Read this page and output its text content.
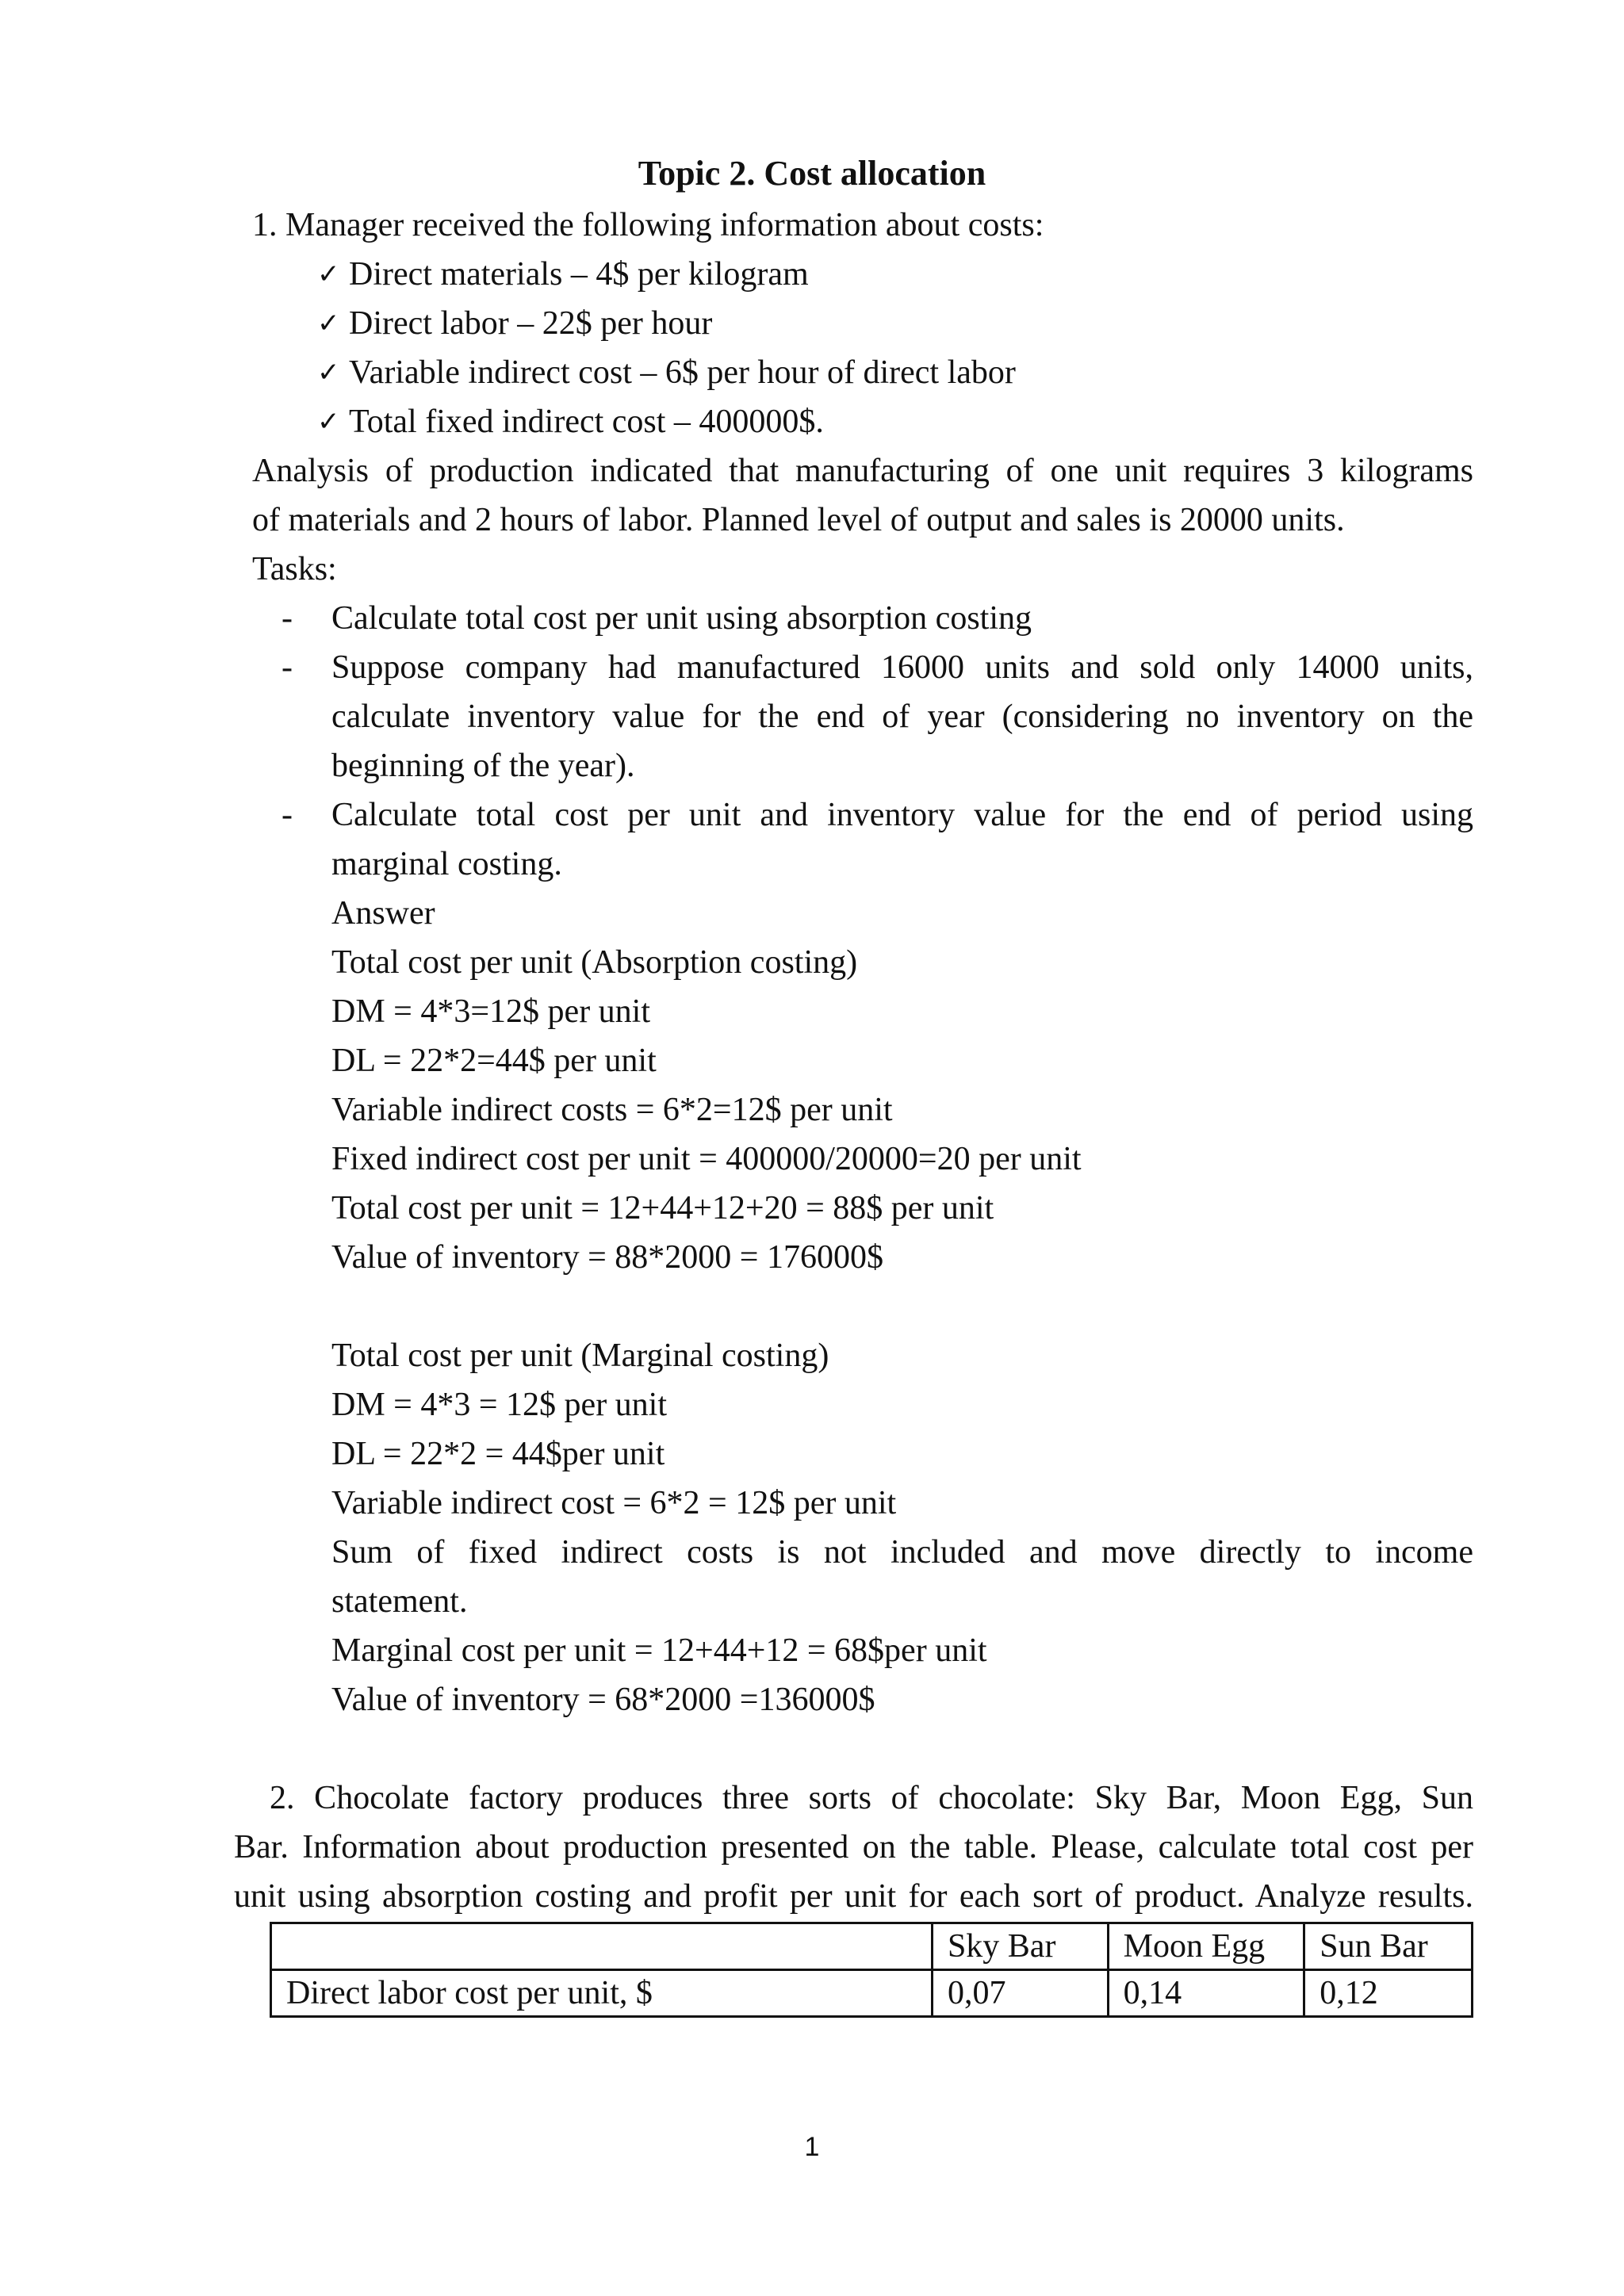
Topic 2. Cost allocation
1. Manager received the following information about costs:
✓ Direct materials – 4$ per kilogram
✓ Direct labor – 22$ per hour
✓ Variable indirect cost – 6$ per hour of direct labor
✓ Total fixed indirect cost – 400000$.
Analysis of production indicated that manufacturing of one unit requires 3 kilograms
of materials and 2 hours of labor. Planned level of output and sales is 20000 units.
Tasks:
- Calculate total cost per unit using absorption costing
- Suppose company had manufactured 16000 units and sold only 14000 units,
calculate inventory value for the end of year (considering no inventory on the
beginning of the year).
- Calculate total cost per unit and inventory value for the end of period using
marginal costing.
Answer
Total cost per unit (Absorption costing)
DM = 4*3=12$ per unit
DL = 22*2=44$ per unit
Variable indirect costs = 6*2=12$ per unit
Fixed indirect cost per unit = 400000/20000=20 per unit
Total cost per unit = 12+44+12+20 = 88$ per unit
Value of inventory = 88*2000 = 176000$
Total cost per unit (Marginal costing)
DM = 4*3 = 12$ per unit
DL = 22*2 = 44$per unit
Variable indirect cost = 6*2 = 12$ per unit
Sum of fixed indirect costs is not included and move directly to income
statement.
Marginal cost per unit = 12+44+12 = 68$per unit
Value of inventory = 68*2000 =136000$
2. Chocolate factory produces three sorts of chocolate: Sky Bar, Moon Egg, Sun
Bar. Information about production presented on the table. Please, calculate total cost per
unit using absorption costing and profit per unit for each sort of product. Analyze results.
	Sky Bar	Moon Egg	Sun Bar
Direct labor cost per unit, $	0,07	0,14	0,12
1
